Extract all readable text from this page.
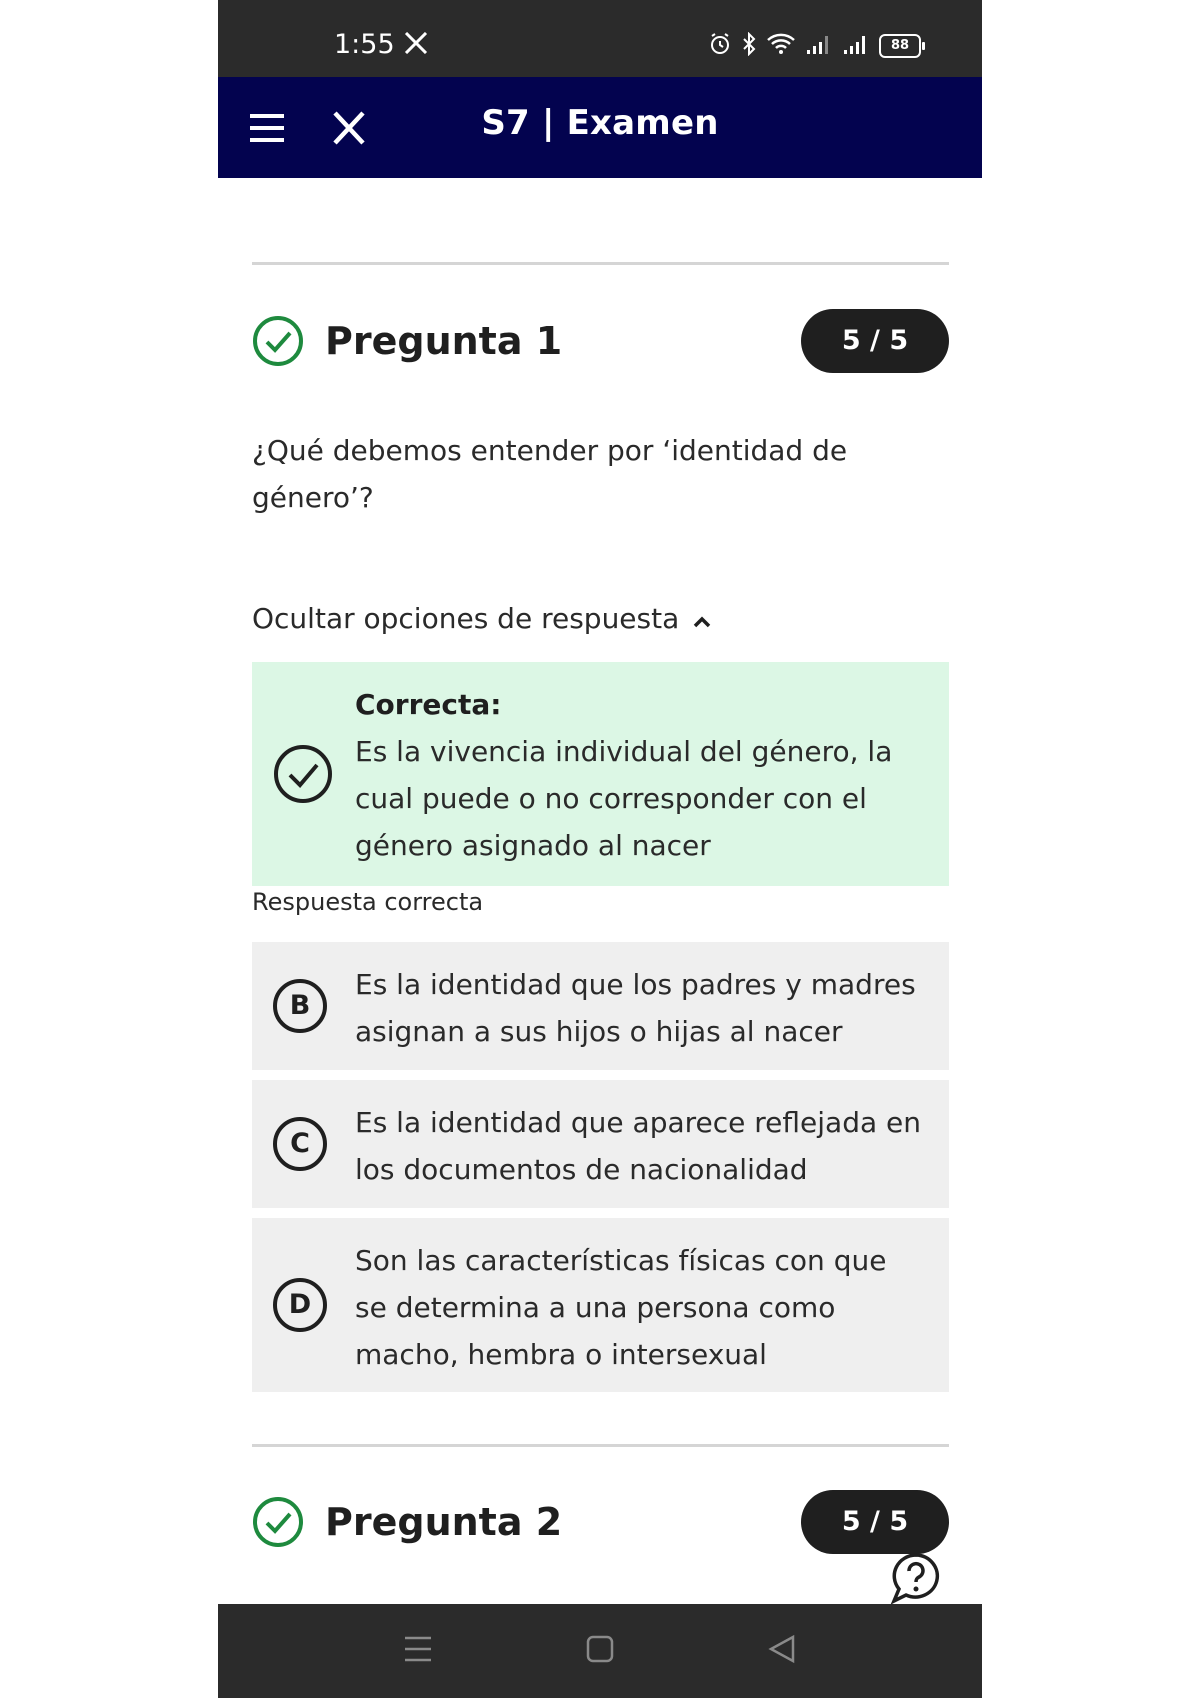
1:55	88
S7 | Examen
Pregunta 1	5 / 5
¿Qué debemos entender por ‘identidad de género’?
Ocultar opciones de respuesta
Correcta:
Es la vivencia individual del género, la cual puede o no corresponder con el género asignado al nacer
Respuesta correcta
B
Es la identidad que los padres y madres asignan a sus hijos o hijas al nacer
C
Es la identidad que aparece reflejada en los documentos de nacionalidad
D
Son las características físicas con que se determina a una persona como macho, hembra o intersexual
Pregunta 2	5 / 5
